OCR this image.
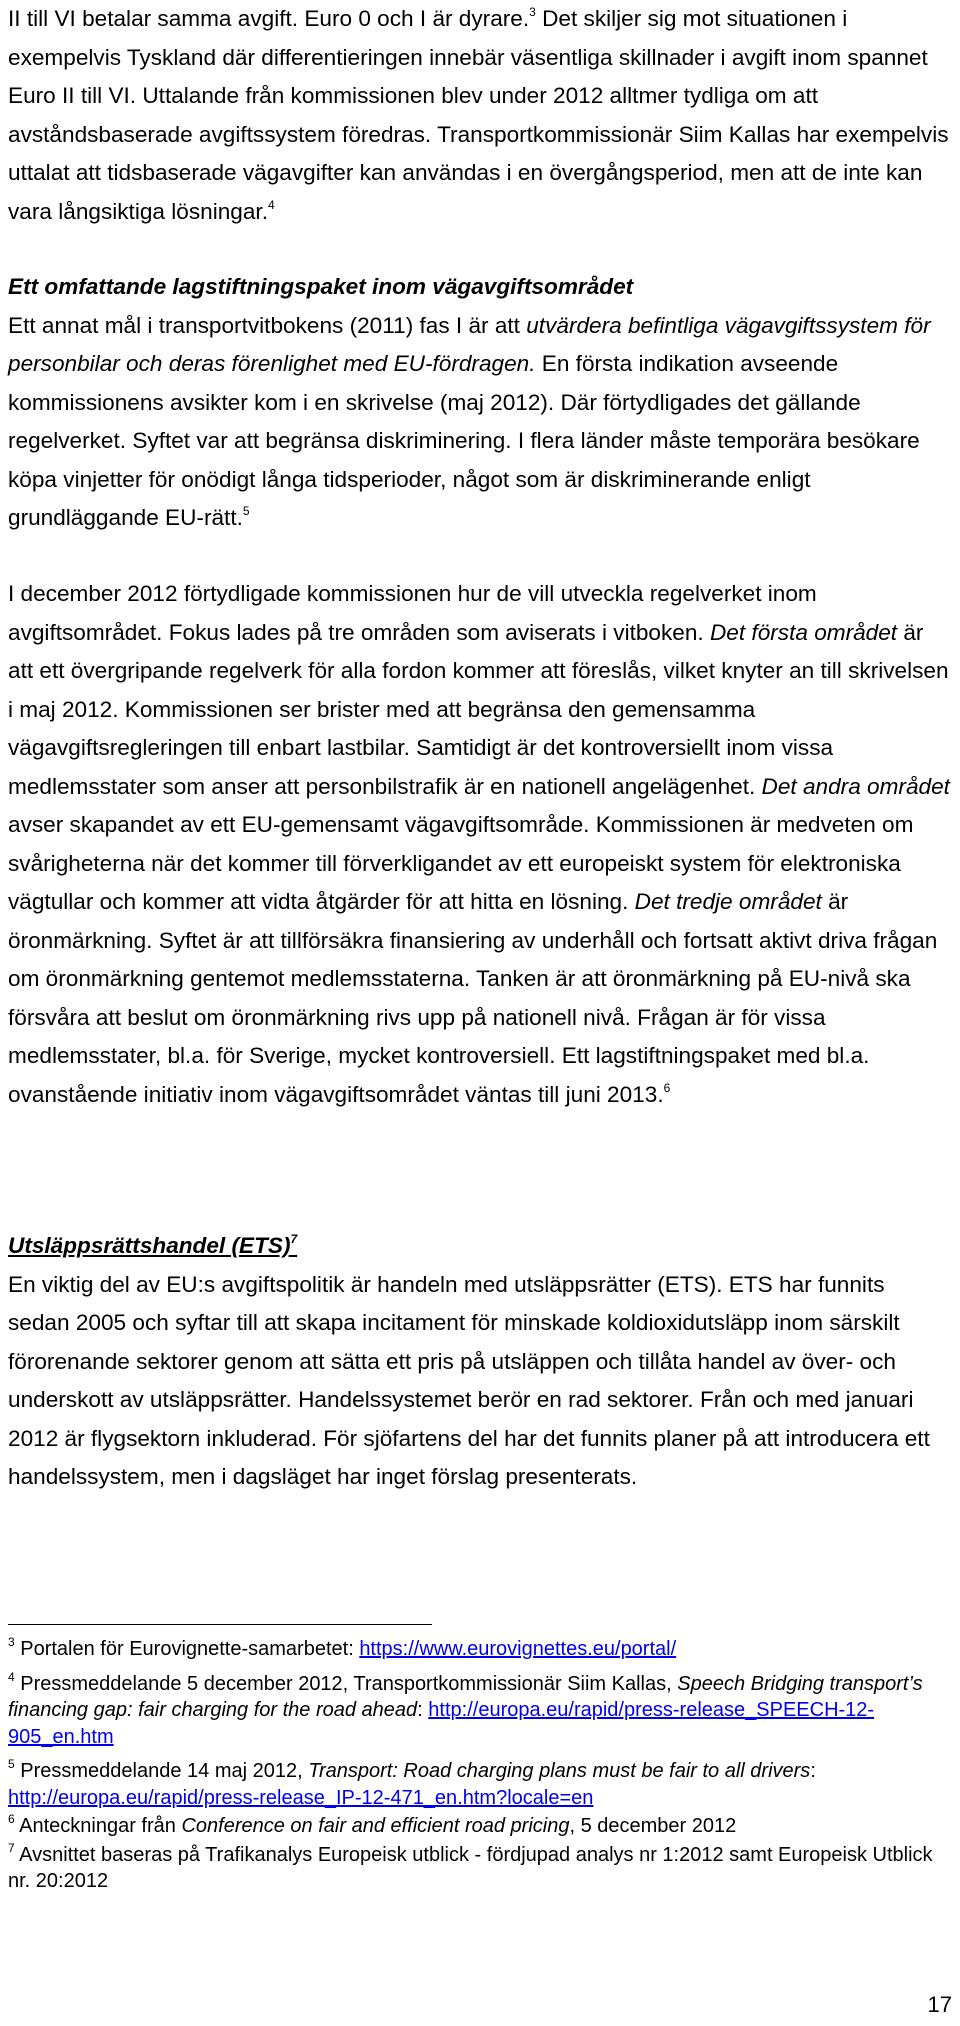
II till VI betalar samma avgift. Euro 0 och I är dyrare.$^3$ Det skiljer sig mot situationen i exempelvis Tyskland där differentieringen innebär väsentliga skillnader i avgift inom spannet Euro II till VI. Uttalande från kommissionen blev under 2012 alltmer tydliga om att avståndsbaserade avgiftssystem föredras. Transportkommissionär Siim Kallas har exempelvis uttalat att tidsbaserade vägavgifter kan användas i en övergångsperiod, men att de inte kan vara långsiktiga lösningar.$^4$

Ett omfattande lagstiftningspaket inom vägavgiftsområdet

Ett annat mål i transportvitbokens (2011) fas I är att utvärdera befintliga vägavgiftssystem för personbilar och deras förenlighet med EU-fördragen. En första indikation avseende kommissionens avsikter kom i en skrivelse (maj 2012). Där förtydligades det gällande regelverket. Syftet var att begränsa diskriminering. I flera länder måste temporära besökare köpa vinjetter för onödigt långa tidsperioder, något som är diskriminerande enligt grundläggande EU-rätt.$^5$

I december 2012 förtydligade kommissionen hur de vill utveckla regelverket inom avgiftsområdet. Fokus lades på tre områden som aviserats i vitboken. Det första området är att ett övergripande regelverk för alla fordon kommer att föreslås, vilket knyter an till skrivelsen i maj 2012. Kommissionen ser brister med att begränsa den gemensamma vägavgiftsregleringen till enbart lastbilar. Samtidigt är det kontroversiellt inom vissa medlemsstater som anser att personbilstrafik är en nationell angelägenhet. Det andra området avser skapandet av ett EU-gemensamt vägavgiftsområde. Kommissionen är medveten om svårigheterna när det kommer till förverkligandet av ett europeiskt system för elektroniska vägtullar och kommer att vidta åtgärder för att hitta en lösning. Det tredje området är öronmärkning. Syftet är att tillförsäkra finansiering av underhåll och fortsatt aktivt driva frågan om öronmärkning gentemot medlemsstaterna. Tanken är att öronmärkning på EU-nivå ska försvåra att beslut om öronmärkning rivs upp på nationell nivå. Frågan är för vissa medlemsstater, bl.a. för Sverige, mycket kontroversiell. Ett lagstiftningspaket med bl.a. ovanstående initiativ inom vägavgiftsområdet väntas till juni 2013.$^6$

Utsläppsrättshandel (ETS)$^7$

En viktig del av EU:s avgiftspolitik är handeln med utsläppsrätter (ETS). ETS har funnits sedan 2005 och syftar till att skapa incitament för minskade koldioxidutsläpp inom särskilt förorenande sektorer genom att sätta ett pris på utsläppen och tillåta handel av över- och underskott av utsläppsrätter. Handelssystemet berör en rad sektorer. Från och med januari 2012 är flygsektorn inkluderad. För sjöfartens del har det funnits planer på att introducera ett handelssystem, men i dagsläget har inget förslag presenterats.

$^3$ Portalen för Eurovignette-samarbetet: https://www.eurovignettes.eu/portal/

$^4$ Pressmeddelande 5 december 2012, Transportkommissionär Siim Kallas, Speech Bridging transport’s financing gap: fair charging for the road ahead: http://europa.eu/rapid/press-release_SPEECH-12-905_en.htm

$^5$ Pressmeddelande 14 maj 2012, Transport: Road charging plans must be fair to all drivers: http://europa.eu/rapid/press-release_IP-12-471_en.htm?locale=en

$^6$ Anteckningar från Conference on fair and efficient road pricing, 5 december 2012

$^7$ Avsnittet baseras på Trafikanalys Europeisk utblick - fördjupad analys nr 1:2012 samt Europeisk Utblick nr. 20:2012

17
